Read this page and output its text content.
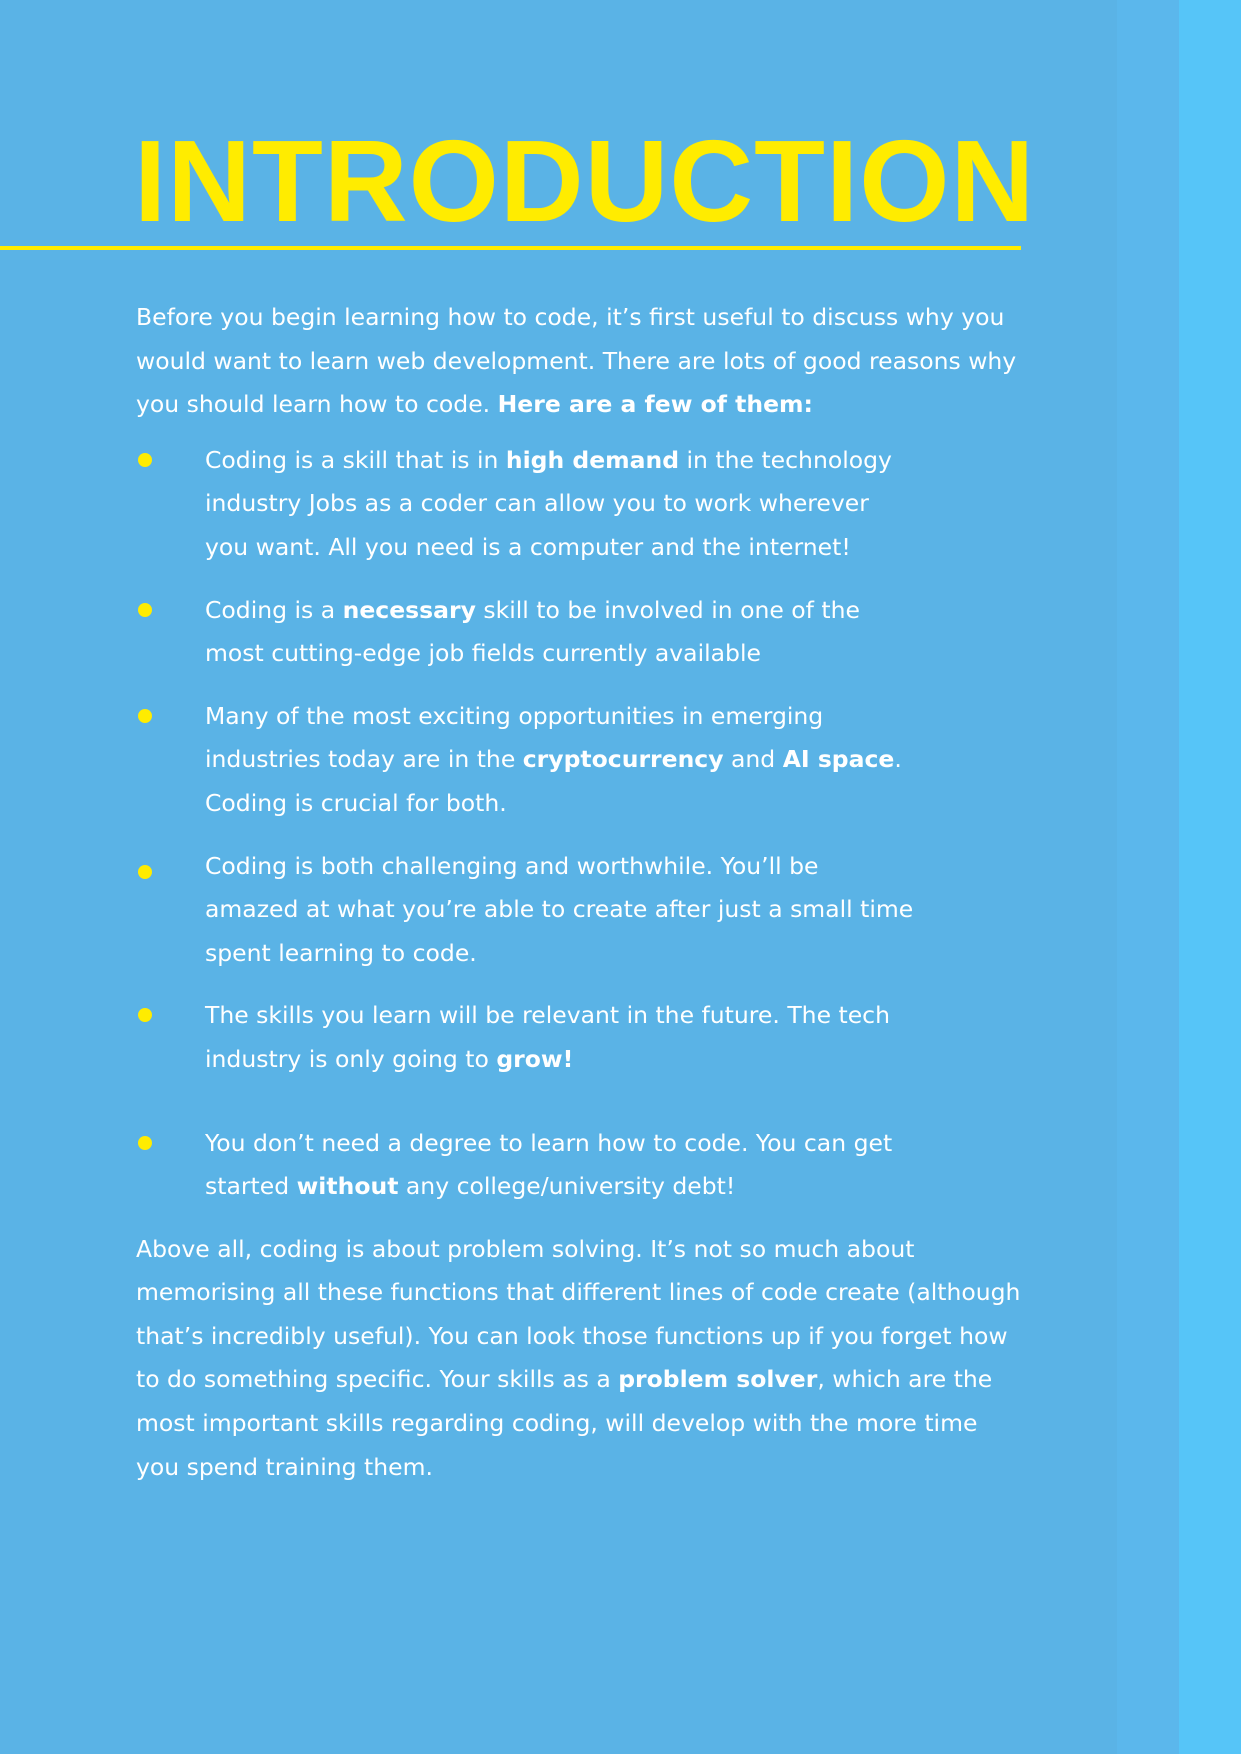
INTRODUCTION

Before you begin learning how to code, it’s first useful to discuss why you would want to learn web development. There are lots of good reasons why you should learn how to code. Here are a few of them:

Coding is a skill that is in high demand in the technology industry Jobs as a coder can allow you to work wherever you want. All you need is a computer and the internet!
Coding is a necessary skill to be involved in one of the most cutting-edge job fields currently available
Many of the most exciting opportunities in emerging industries today are in the cryptocurrency and AI space. Coding is crucial for both.
Coding is both challenging and worthwhile. You’ll be amazed at what you’re able to create after just a small time spent learning to code.
The skills you learn will be relevant in the future. The tech industry is only going to grow!
You don’t need a degree to learn how to code. You can get started without any college/university debt!

Above all, coding is about problem solving. It’s not so much about memorising all these functions that different lines of code create (although that’s incredibly useful). You can look those functions up if you forget how to do something specific. Your skills as a problem solver, which are the most important skills regarding coding, will develop with the more time you spend training them.
